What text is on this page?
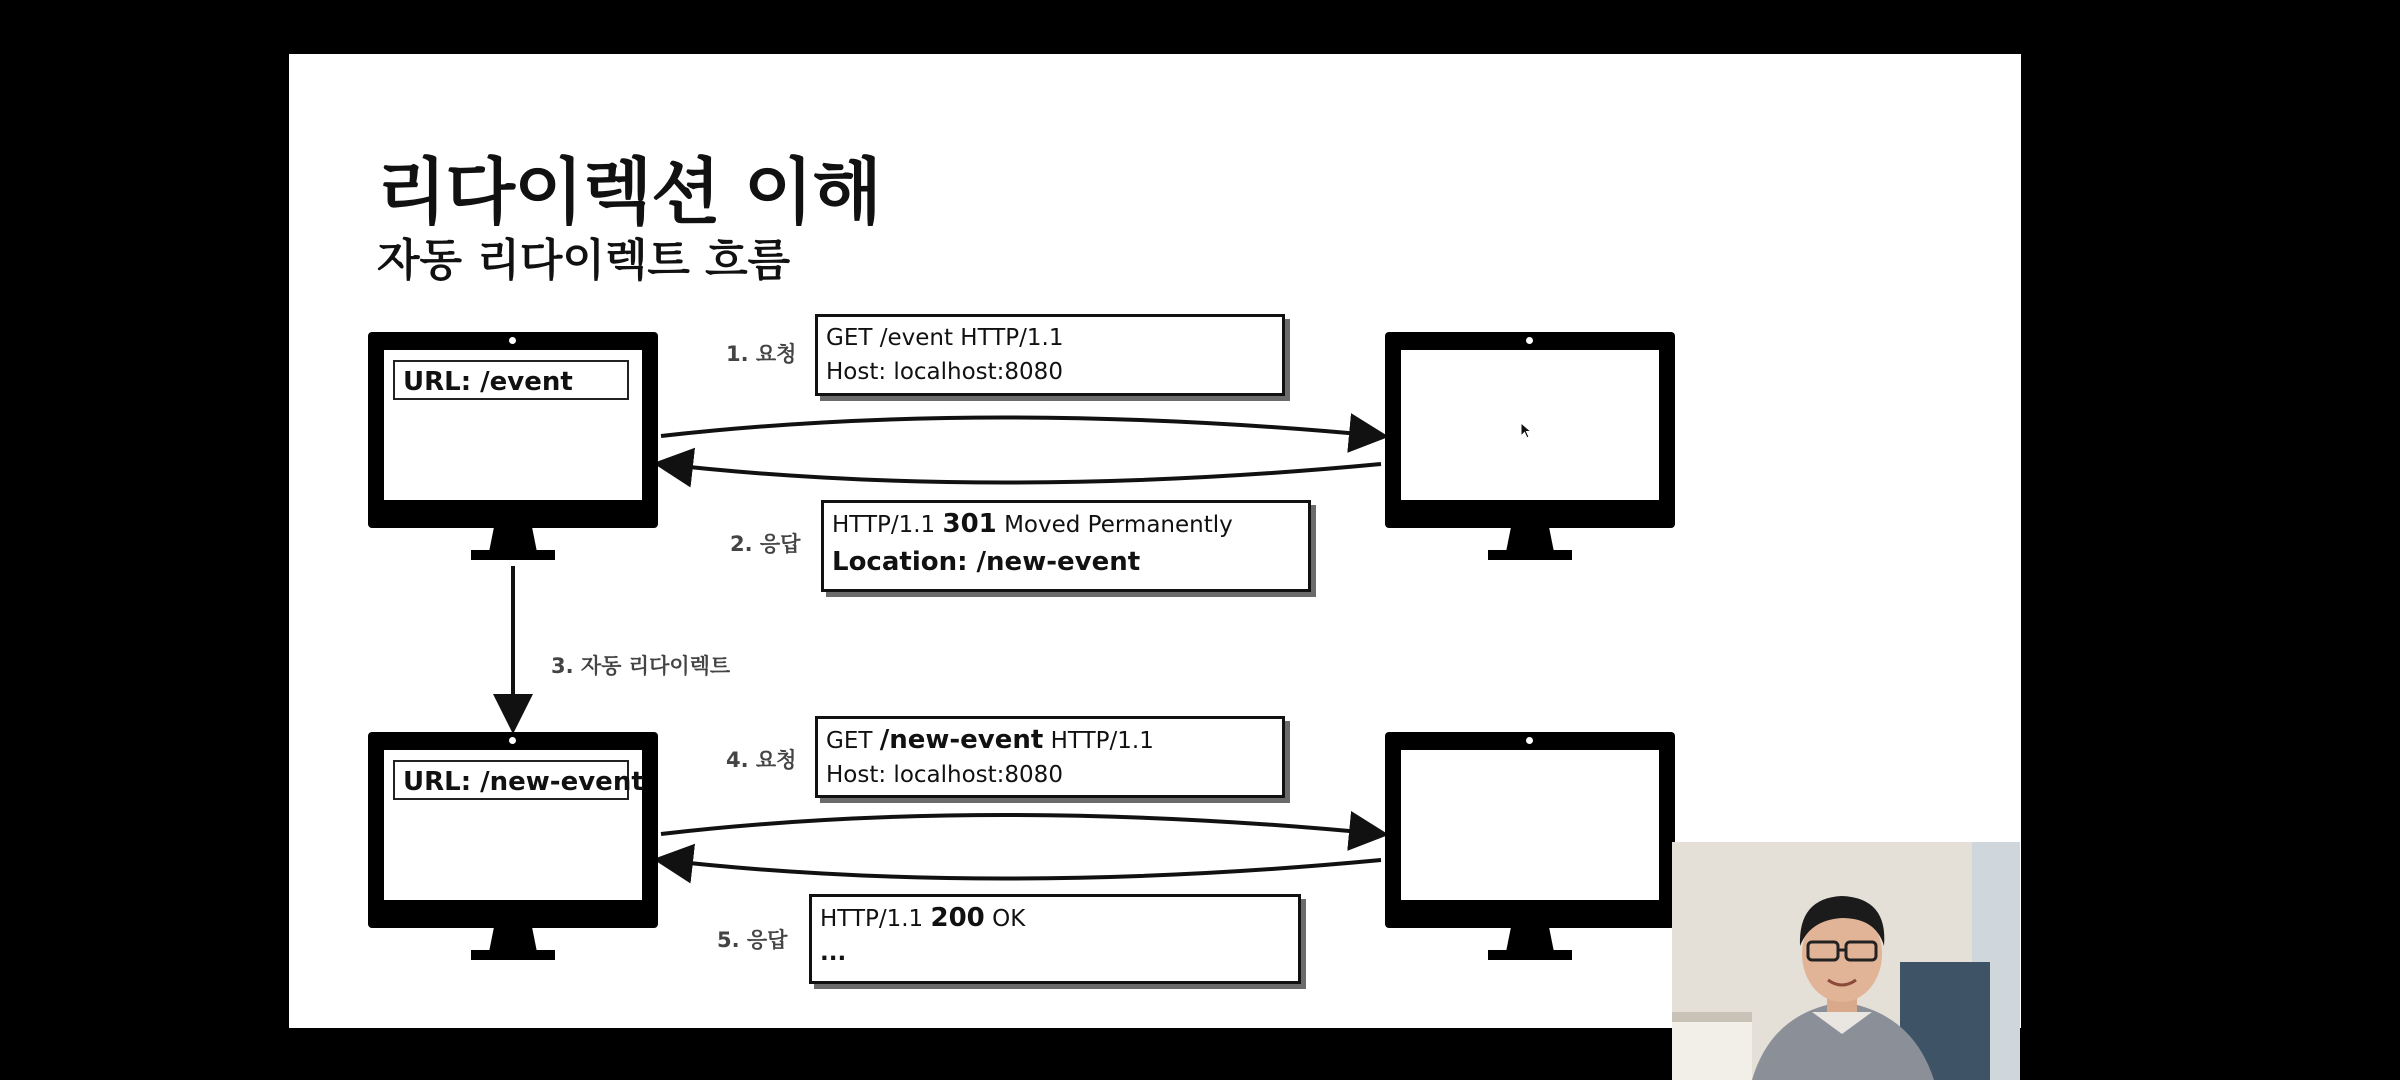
리다이렉션 이해
자동 리다이렉트 흐름
URL: /event
URL: /new-event
1. 요청
2. 응답
3. 자동 리다이렉트
4. 요청
5. 응답
GET /event HTTP/1.1
Host: localhost:8080
HTTP/1.1 301 Moved Permanently
Location: /new-event
GET /new-event HTTP/1.1
Host: localhost:8080
HTTP/1.1 200 OK
...
